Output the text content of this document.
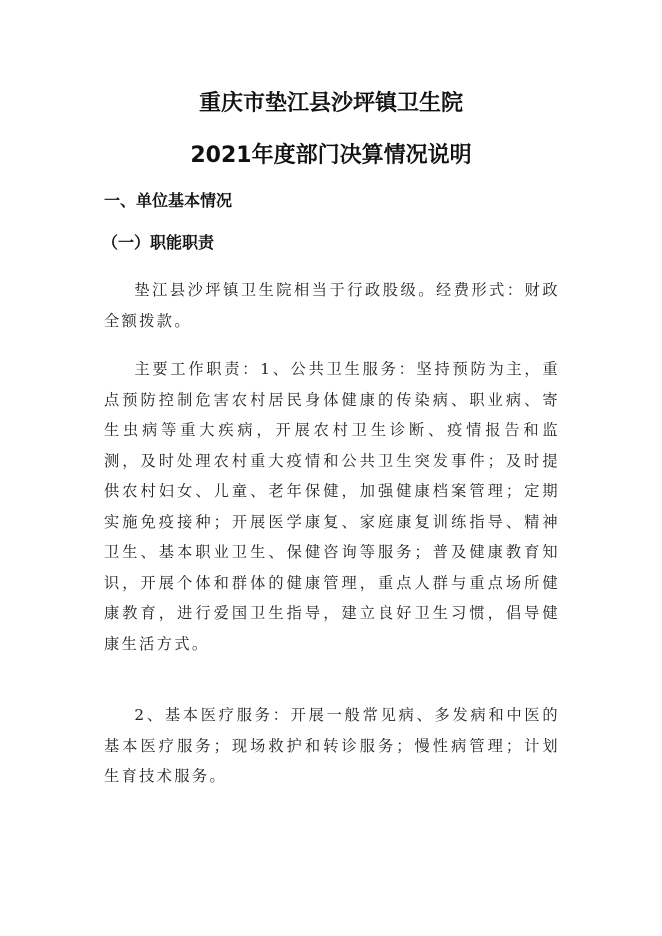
重庆市垫江县沙坪镇卫生院
2021年度部门决算情况说明
一、单位基本情况
（一）职能职责

垫江县沙坪镇卫生院相当于行政股级。经费形式：财政全额拨款。

主要工作职责：1、公共卫生服务：坚持预防为主，重点预防控制危害农村居民身体健康的传染病、职业病、寄生虫病等重大疾病，开展农村卫生诊断、疫情报告和监测，及时处理农村重大疫情和公共卫生突发事件；及时提供农村妇女、儿童、老年保健，加强健康档案管理；定期实施免疫接种；开展医学康复、家庭康复训练指导、精神卫生、基本职业卫生、保健咨询等服务；普及健康教育知识，开展个体和群体的健康管理，重点人群与重点场所健康教育，进行爱国卫生指导，建立良好卫生习惯，倡导健康生活方式。

2、基本医疗服务：开展一般常见病、多发病和中医的基本医疗服务；现场救护和转诊服务；慢性病管理；计划生育技术服务。
